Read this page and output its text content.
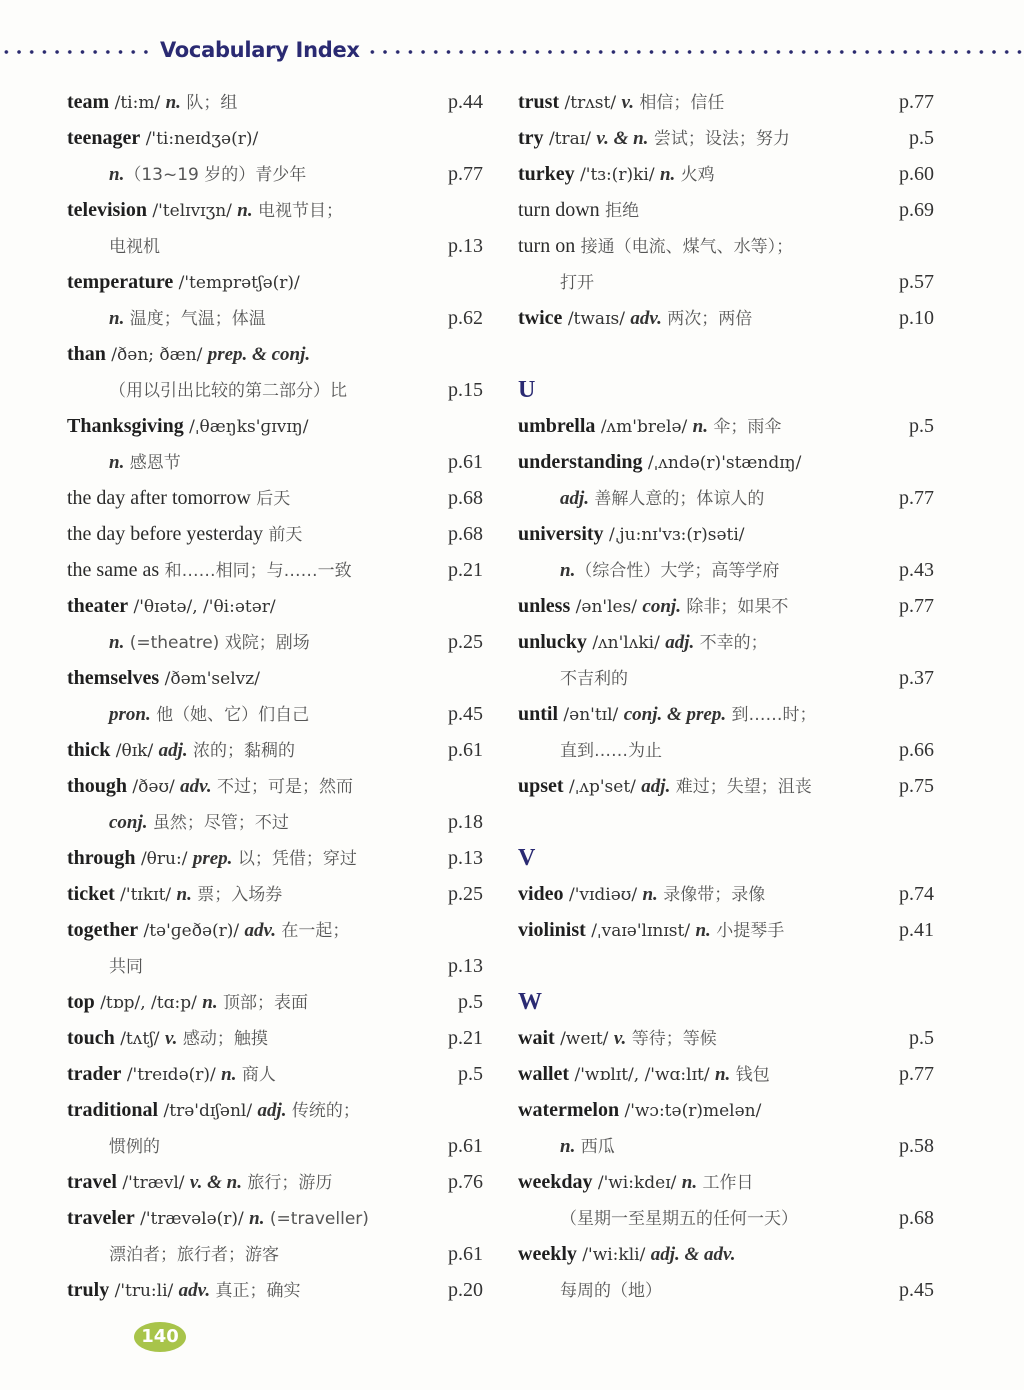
Vocabulary Index
team /ti:m/ n. 队；组	p.44
teenager /'ti:neɪdʒə(r)/
n.（13~19 岁的）青少年	p.77
television /'telɪvɪʒn/ n. 电视节目；
电视机	p.13
temperature /'temprətʃə(r)/
n. 温度；气温；体温	p.62
than /ðən; ðæn/ prep. & conj.
（用以引出比较的第二部分）比	p.15
Thanksgiving /ˌθæŋks'ɡɪvɪŋ/
n. 感恩节	p.61
the day after tomorrow 后天	p.68
the day before yesterday 前天	p.68
the same as 和……相同；与……一致	p.21
theater /'θɪətə/, /'θi:ətər/
n. (=theatre) 戏院；剧场	p.25
themselves /ðəm'selvz/
pron. 他（她、它）们自己	p.45
thick /θɪk/ adj. 浓的；黏稠的	p.61
though /ðəʊ/ adv. 不过；可是；然而
conj. 虽然；尽管；不过	p.18
through /θru:/ prep. 以；凭借；穿过	p.13
ticket /'tɪkɪt/ n. 票；入场券	p.25
together /tə'ɡeðə(r)/ adv. 在一起；
共同	p.13
top /tɒp/, /tɑ:p/ n. 顶部；表面	p.5
touch /tʌtʃ/ v. 感动；触摸	p.21
trader /'treɪdə(r)/ n. 商人	p.5
traditional /trə'dɪʃənl/ adj. 传统的；
惯例的	p.61
travel /'trævl/ v. & n. 旅行；游历	p.76
traveler /'trævələ(r)/ n. (=traveller)
漂泊者；旅行者；游客	p.61
truly /'tru:li/ adv. 真正；确实	p.20
trust /trʌst/ v. 相信；信任	p.77
try /traɪ/ v. & n. 尝试；设法；努力	p.5
turkey /'tɜ:(r)ki/ n. 火鸡	p.60
turn down 拒绝	p.69
turn on 接通（电流、煤气、水等）；
打开	p.57
twice /twaɪs/ adv. 两次；两倍	p.10
U
umbrella /ʌm'brelə/ n. 伞；雨伞	p.5
understanding /ˌʌndə(r)'stændɪŋ/
adj. 善解人意的；体谅人的	p.77
university /ˌju:nɪ'vɜ:(r)səti/
n.（综合性）大学；高等学府	p.43
unless /ən'les/ conj. 除非；如果不	p.77
unlucky /ʌn'lʌki/ adj. 不幸的；
不吉利的	p.37
until /ən'tɪl/ conj. & prep. 到……时；
直到……为止	p.66
upset /ˌʌp'set/ adj. 难过；失望；沮丧	p.75
V
video /'vɪdiəʊ/ n. 录像带；录像	p.74
violinist /ˌvaɪə'lɪnɪst/ n. 小提琴手	p.41
W
wait /weɪt/ v. 等待；等候	p.5
wallet /'wɒlɪt/, /'wɑ:lɪt/ n. 钱包	p.77
watermelon /'wɔ:tə(r)melən/
n. 西瓜	p.58
weekday /'wi:kdeɪ/ n. 工作日
（星期一至星期五的任何一天）	p.68
weekly /'wi:kli/ adj. & adv.
每周的（地）	p.45
140
